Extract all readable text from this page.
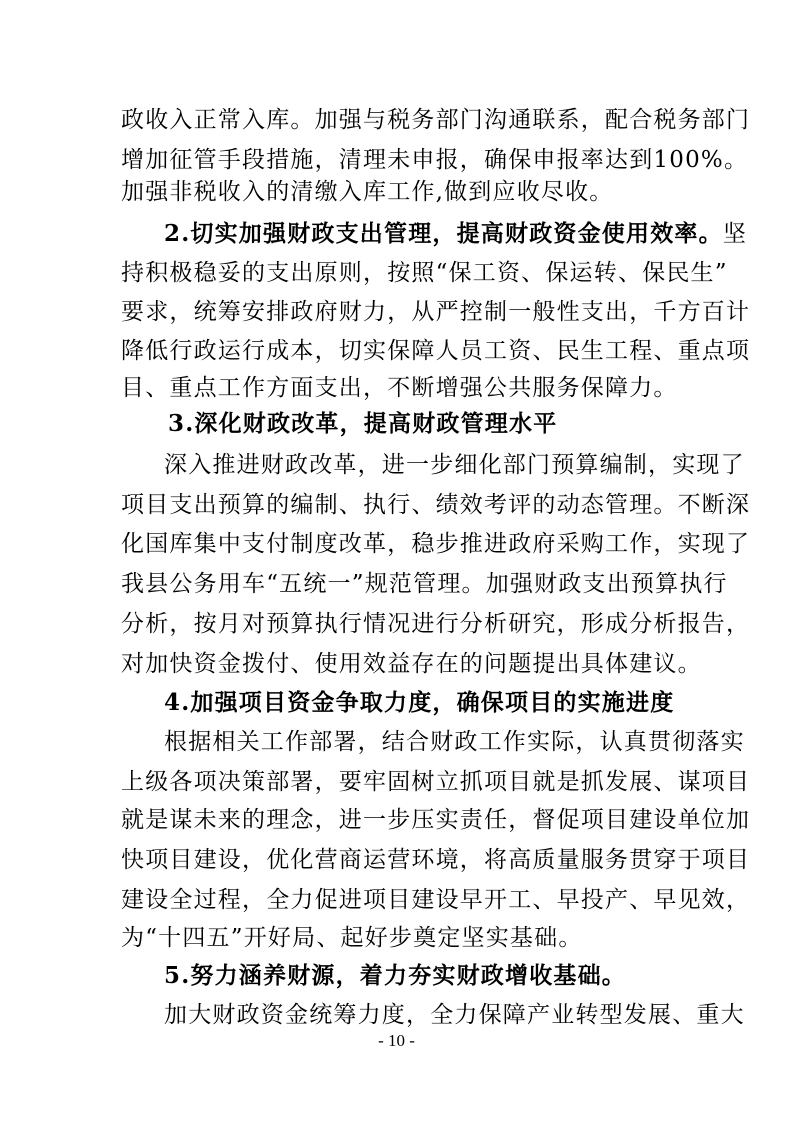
政收入正常入库。加强与税务部门沟通联系，配合税务部门
增加征管手段措施，清理未申报，确保申报率达到100%。
加强非税收入的清缴入库工作,做到应收尽收。
2.切实加强财政支出管理，提高财政资金使用效率。坚
持积极稳妥的支出原则，按照“保工资、保运转、保民生”
要求，统筹安排政府财力，从严控制一般性支出，千方百计
降低行政运行成本，切实保障人员工资、民生工程、重点项
目、重点工作方面支出，不断增强公共服务保障力。
3.深化财政改革，提高财政管理水平
深入推进财政改革，进一步细化部门预算编制，实现了
项目支出预算的编制、执行、绩效考评的动态管理。不断深
化国库集中支付制度改革，稳步推进政府采购工作，实现了
我县公务用车“五统一”规范管理。加强财政支出预算执行
分析，按月对预算执行情况进行分析研究，形成分析报告，
对加快资金拨付、使用效益存在的问题提出具体建议。
4.加强项目资金争取力度，确保项目的实施进度
根据相关工作部署，结合财政工作实际，认真贯彻落实
上级各项决策部署，要牢固树立抓项目就是抓发展、谋项目
就是谋未来的理念，进一步压实责任，督促项目建设单位加
快项目建设，优化营商运营环境，将高质量服务贯穿于项目
建设全过程，全力促进项目建设早开工、早投产、早见效，
为“十四五”开好局、起好步奠定坚实基础。
5.努力涵养财源，着力夯实财政增收基础。
加大财政资金统筹力度，全力保障产业转型发展、重大
- 10 -
